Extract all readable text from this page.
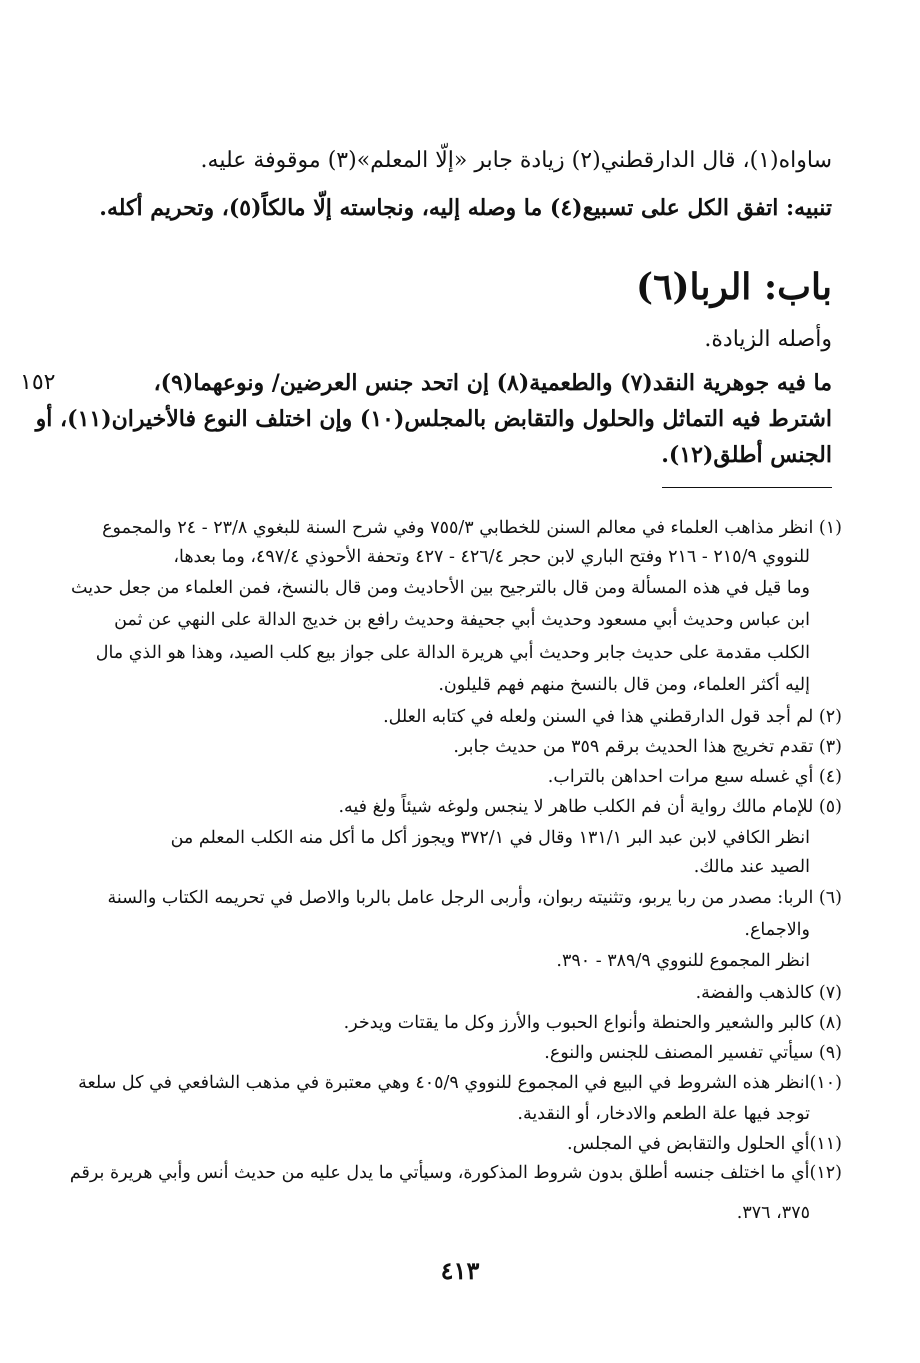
ساواه(١)، قال الدارقطني(٢) زيادة جابر «إلّا المعلم»(٣) موقوفة عليه.
تنبيه: اتفق الكل على تسبيع(٤) ما وصله إليه، ونجاسته إلّا مالكاً(٥)، وتحريم أكله.
باب: الربا(٦)
وأصله الزيادة.
ما فيه جوهرية النقد(٧) والطعمية(٨) إن اتحد جنس العرضين/ ونوعهما(٩)،
اشترط فيه التماثل والحلول والتقابض بالمجلس(١٠) وإن اختلف النوع فالأخيران(١١)، أو
الجنس أطلق(١٢).
١٥٢
(١) انظر مذاهب العلماء في معالم السنن للخطابي ٧٥٥/٣ وفي شرح السنة للبغوي ٢٣/٨ - ٢٤ والمجموع
للنووي ٢١٥/٩ - ٢١٦ وفتح الباري لابن حجر ٤٢٦/٤ - ٤٢٧ وتحفة الأحوذي ٤٩٧/٤، وما بعدها،
وما قيل في هذه المسألة ومن قال بالترجيح بين الأحاديث ومن قال بالنسخ، فمن العلماء من جعل حديث
ابن عباس وحديث أبي مسعود وحديث أبي جحيفة وحديث رافع بن خديج الدالة على النهي عن ثمن
الكلب مقدمة على حديث جابر وحديث أبي هريرة الدالة على جواز بيع كلب الصيد، وهذا هو الذي مال
إليه أكثر العلماء، ومن قال بالنسخ منهم فهم قليلون.
(٢) لم أجد قول الدارقطني هذا في السنن ولعله في كتابه العلل.
(٣) تقدم تخريج هذا الحديث برقم ٣٥٩ من حديث جابر.
(٤) أي غسله سبع مرات احداهن بالتراب.
(٥) للإمام مالك رواية أن فم الكلب طاهر لا ينجس ولوغه شيئاً ولغ فيه.
انظر الكافي لابن عبد البر ١٣١/١ وقال في ٣٧٢/١ ويجوز أكل ما أكل منه الكلب المعلم من
الصيد عند مالك.
(٦) الربا: مصدر من ربا يربو، وتثنيته ربوان، وأربى الرجل عامل بالربا والاصل في تحريمه الكتاب والسنة
والاجماع.
انظر المجموع للنووي ٣٨٩/٩ - ٣٩٠.
(٧) كالذهب والفضة.
(٨) كالبر والشعير والحنطة وأنواع الحبوب والأرز وكل ما يقتات ويدخر.
(٩) سيأتي تفسير المصنف للجنس والنوع.
(١٠)انظر هذه الشروط في البيع في المجموع للنووي ٤٠٥/٩ وهي معتبرة في مذهب الشافعي في كل سلعة
توجد فيها علة الطعم والادخار، أو النقدية.
(١١)أي الحلول والتقابض في المجلس.
(١٢)أي ما اختلف جنسه أطلق بدون شروط المذكورة، وسيأتي ما يدل عليه من حديث أنس وأبي هريرة برقم
٣٧٥، ٣٧٦.
٤١٣
